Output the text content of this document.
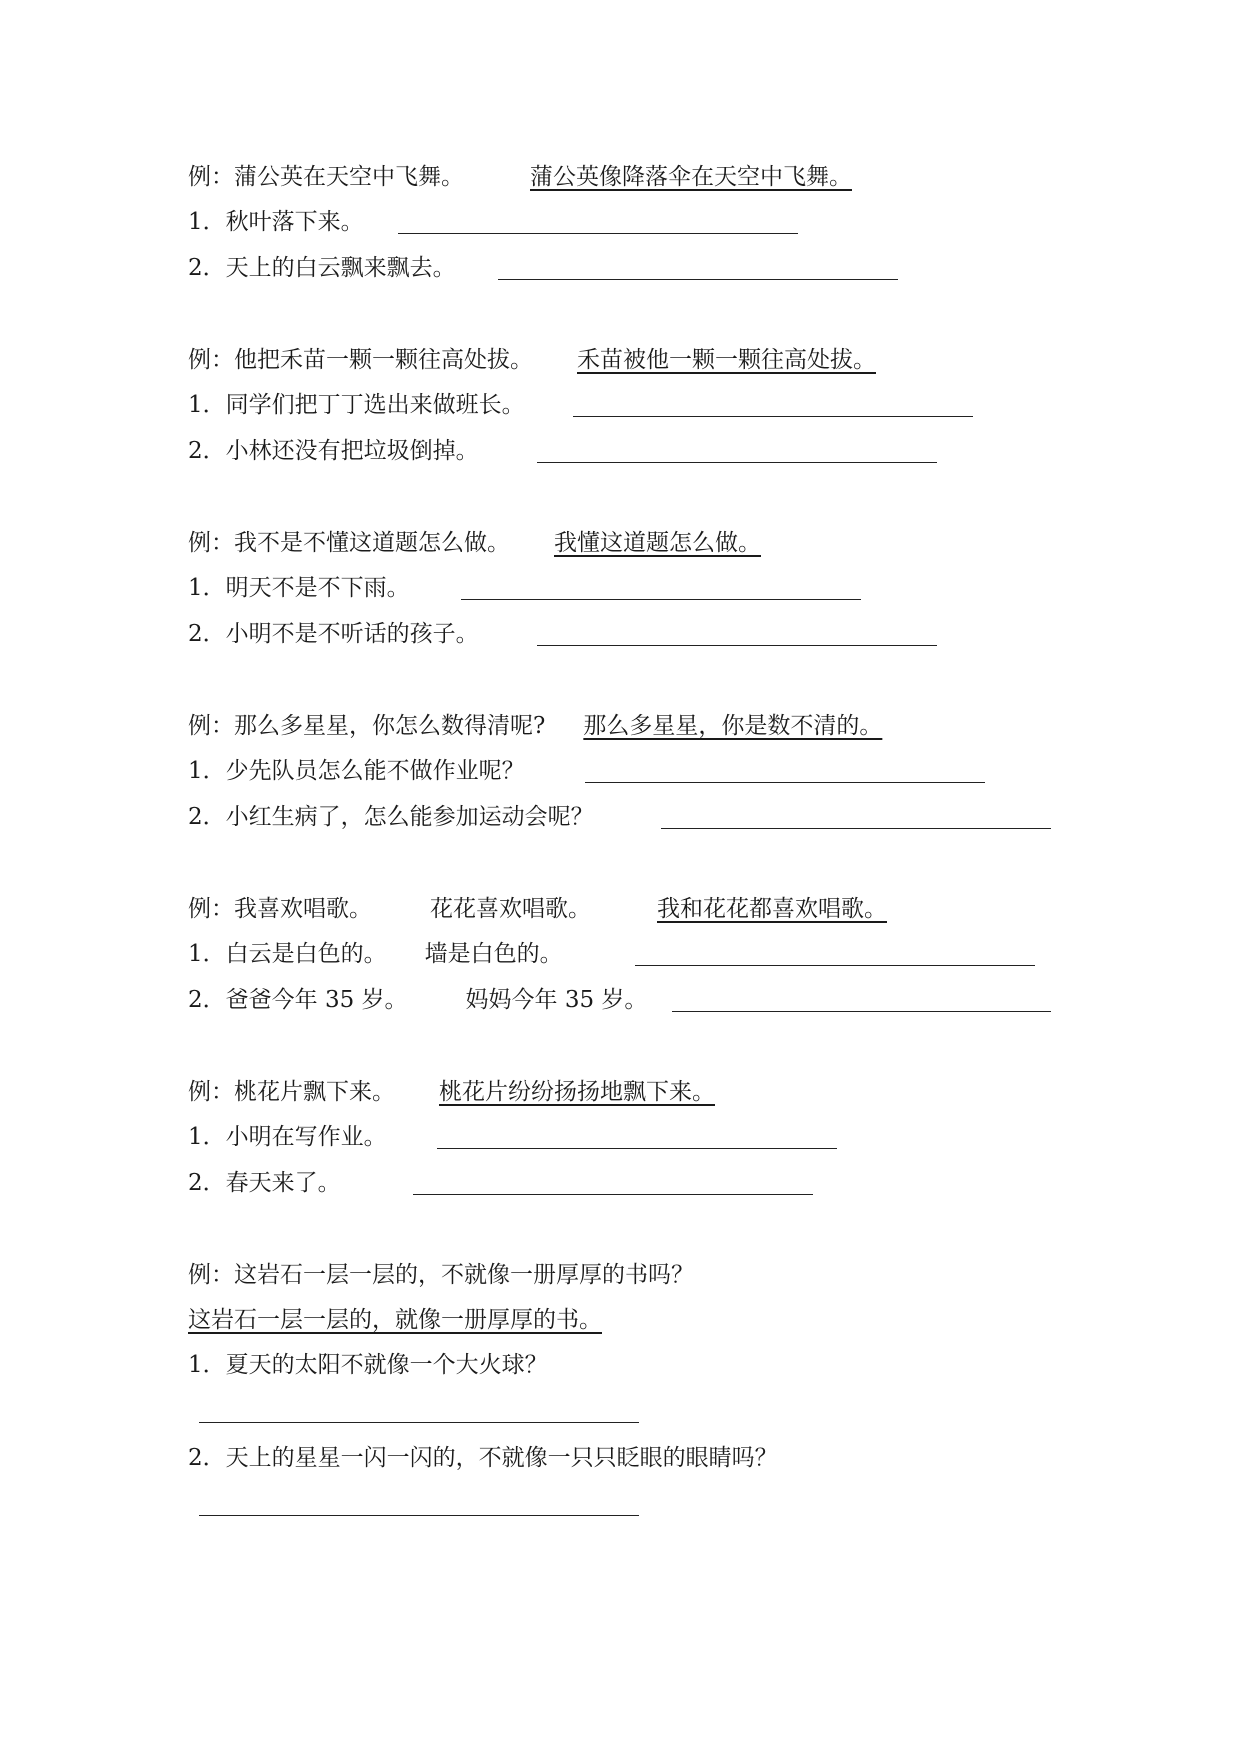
例：蒲公英在天空中飞舞。	蒲公英像降落伞在天空中飞舞。
1．秋叶落下来。
2．天上的白云飘来飘去。
例：他把禾苗一颗一颗往高处拔。 禾苗被他一颗一颗往高处拔。
1．同学们把丁丁选出来做班长。
2．小林还没有把垃圾倒掉。
例：我不是不懂这道题怎么做。 我懂这道题怎么做。
1．明天不是不下雨。
2．小明不是不听话的孩子。
例：那么多星星，你怎么数得清呢? 那么多星星，你是数不清的。
1．少先队员怎么能不做作业呢？
2．小红生病了，怎么能参加运动会呢？
例：我喜欢唱歌。	花花喜欢唱歌。	我和花花都喜欢唱歌。
1．白云是白色的。 墙是白色的。
2．爸爸今年 35 岁。	妈妈今年 35 岁。
例：桃花片飘下来。 桃花片纷纷扬扬地飘下来。
1．小明在写作业。
2．春天来了。
例：这岩石一层一层的，不就像一册厚厚的书吗？
这岩石一层一层的，就像一册厚厚的书。
1．夏天的太阳不就像一个大火球？
2．天上的星星一闪一闪的，不就像一只只眨眼的眼睛吗？
